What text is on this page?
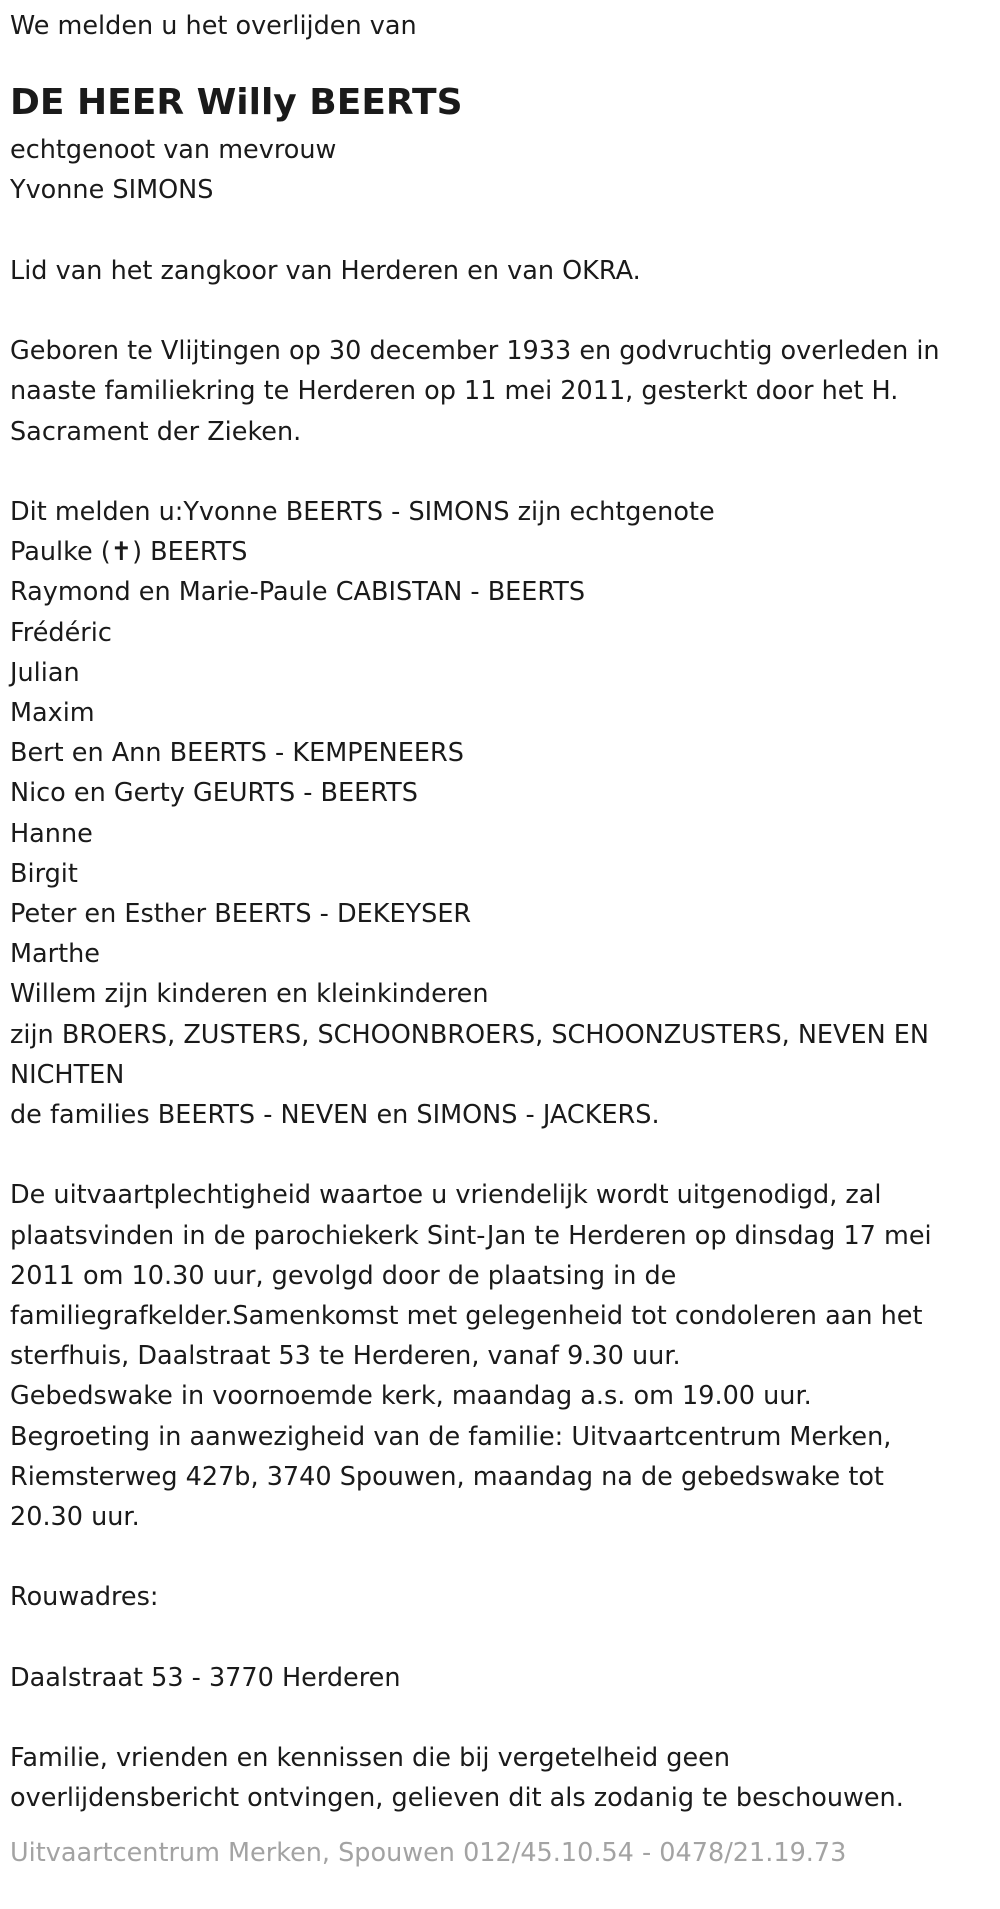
We melden u het overlijden van
DE HEER Willy BEERTS
echtgenoot van mevrouw
Yvonne SIMONS
Lid van het zangkoor van Herderen en van OKRA.
Geboren te Vlijtingen op 30 december 1933 en godvruchtig overleden in
naaste familiekring te Herderen op 11 mei 2011, gesterkt door het H.
Sacrament der Zieken.
Dit melden u:Yvonne BEERTS - SIMONS zijn echtgenote
Paulke (✝) BEERTS
Raymond en Marie-Paule CABISTAN - BEERTS
Frédéric
Julian
Maxim
Bert en Ann BEERTS - KEMPENEERS
Nico en Gerty GEURTS - BEERTS
Hanne
Birgit
Peter en Esther BEERTS - DEKEYSER
Marthe
Willem zijn kinderen en kleinkinderen
zijn BROERS, ZUSTERS, SCHOONBROERS, SCHOONZUSTERS, NEVEN EN
NICHTEN
de families BEERTS - NEVEN en SIMONS - JACKERS.
De uitvaartplechtigheid waartoe u vriendelijk wordt uitgenodigd, zal
plaatsvinden in de parochiekerk Sint-Jan te Herderen op dinsdag 17 mei
2011 om 10.30 uur, gevolgd door de plaatsing in de
familiegrafkelder.Samenkomst met gelegenheid tot condoleren aan het
sterfhuis, Daalstraat 53 te Herderen, vanaf 9.30 uur.
Gebedswake in voornoemde kerk, maandag a.s. om 19.00 uur.
Begroeting in aanwezigheid van de familie: Uitvaartcentrum Merken,
Riemsterweg 427b, 3740 Spouwen, maandag na de gebedswake tot
20.30 uur.
Rouwadres:
Daalstraat 53 - 3770 Herderen
Familie, vrienden en kennissen die bij vergetelheid geen
overlijdensbericht ontvingen, gelieven dit als zodanig te beschouwen.
Uitvaartcentrum Merken, Spouwen 012/45.10.54 - 0478/21.19.73
